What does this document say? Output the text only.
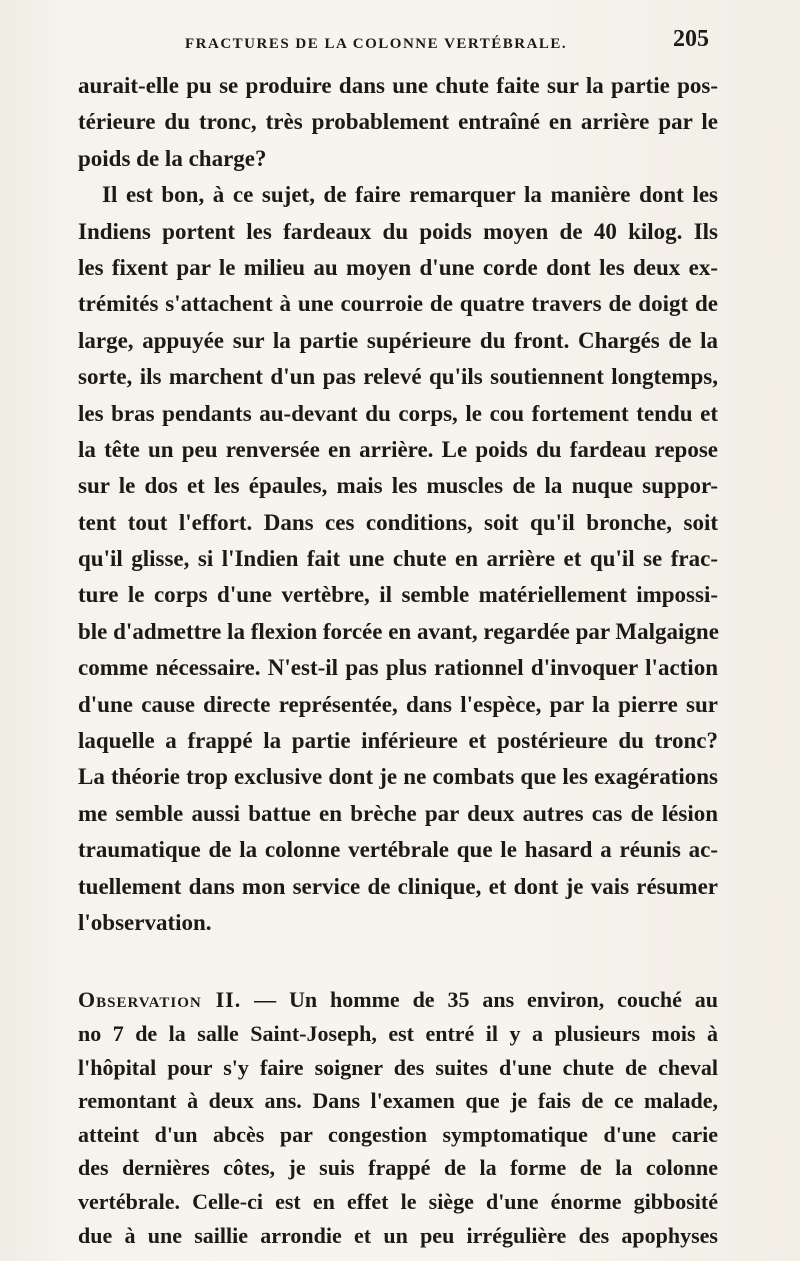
FRACTURES DE LA COLONNE VERTÉBRALE.	205
aurait-elle pu se produire dans une chute faite sur la partie pos-
térieure du tronc, très probablement entraîné en arrière par le
poids de la charge?
Il est bon, à ce sujet, de faire remarquer la manière dont les
Indiens portent les fardeaux du poids moyen de 40 kilog. Ils
les fixent par le milieu au moyen d'une corde dont les deux ex-
trémités s'attachent à une courroie de quatre travers de doigt de
large, appuyée sur la partie supérieure du front. Chargés de la
sorte, ils marchent d'un pas relevé qu'ils soutiennent longtemps,
les bras pendants au-devant du corps, le cou fortement tendu et
la tête un peu renversée en arrière. Le poids du fardeau repose
sur le dos et les épaules, mais les muscles de la nuque suppor-
tent tout l'effort. Dans ces conditions, soit qu'il bronche, soit
qu'il glisse, si l'Indien fait une chute en arrière et qu'il se frac-
ture le corps d'une vertèbre, il semble matériellement impossi-
ble d'admettre la flexion forcée en avant, regardée par Malgaigne
comme nécessaire. N'est-il pas plus rationnel d'invoquer l'action
d'une cause directe représentée, dans l'espèce, par la pierre sur
laquelle a frappé la partie inférieure et postérieure du tronc?
La théorie trop exclusive dont je ne combats que les exagérations
me semble aussi battue en brèche par deux autres cas de lésion
traumatique de la colonne vertébrale que le hasard a réunis ac-
tuellement dans mon service de clinique, et dont je vais résumer
l'observation.
Observation II. — Un homme de 35 ans environ, couché au
no 7 de la salle Saint-Joseph, est entré il y a plusieurs mois à
l'hôpital pour s'y faire soigner des suites d'une chute de cheval
remontant à deux ans. Dans l'examen que je fais de ce malade,
atteint d'un abcès par congestion symptomatique d'une carie
des dernières côtes, je suis frappé de la forme de la colonne
vertébrale. Celle-ci est en effet le siège d'une énorme gibbosité
due à une saillie arrondie et un peu irrégulière des apophyses
